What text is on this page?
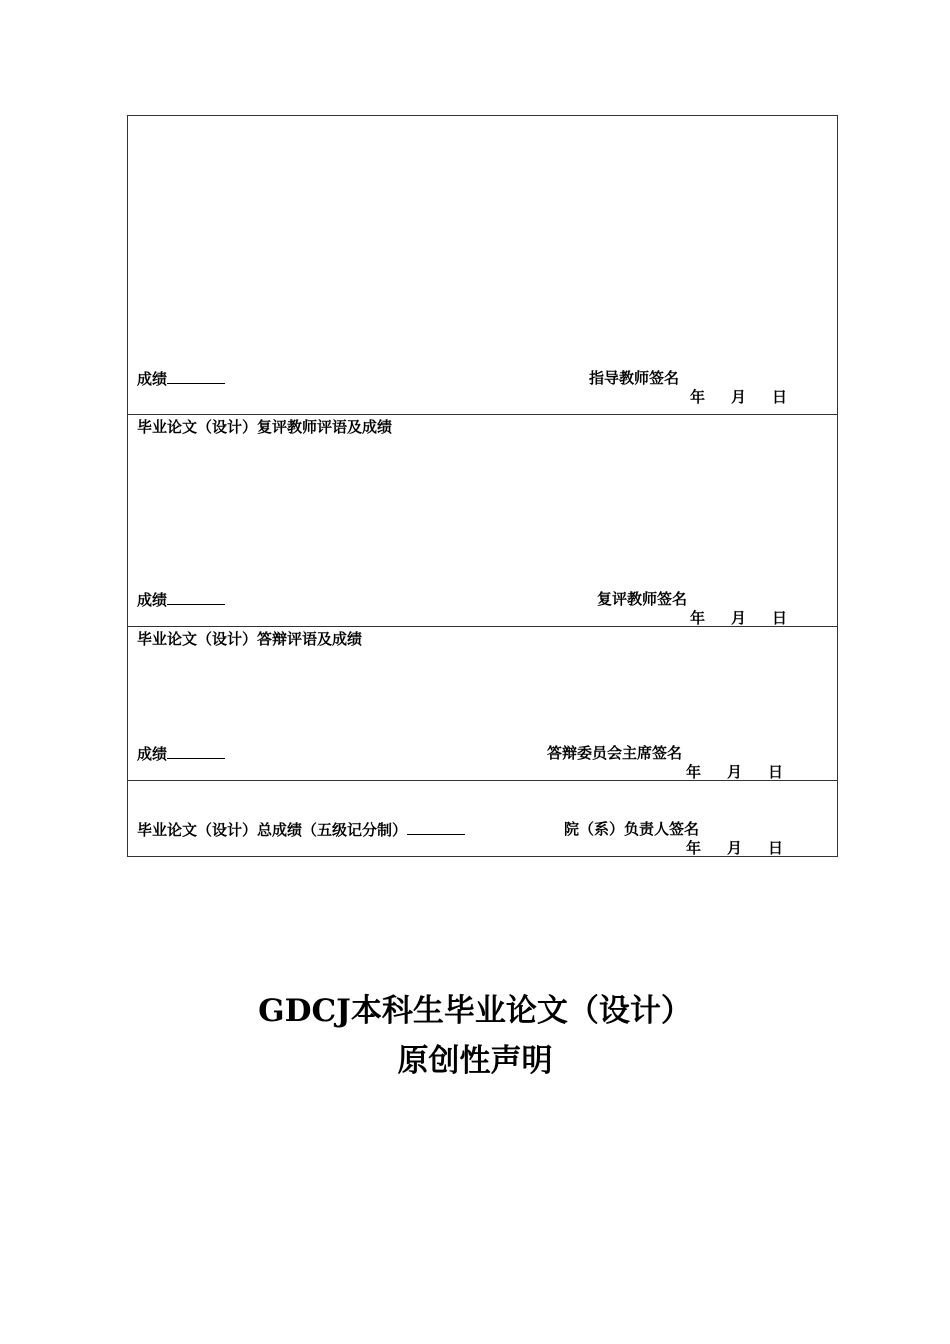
成绩	指导教师签名
年 月 日
毕业论文（设计）复评教师评语及成绩
成绩	复评教师签名
年 月 日
毕业论文（设计）答辩评语及成绩
成绩	答辩委员会主席签名
年 月 日
毕业论文（设计）总成绩（五级记分制）	院（系）负责人签名
年 月 日
GDCJ本科生毕业论文（设计）
原创性声明
